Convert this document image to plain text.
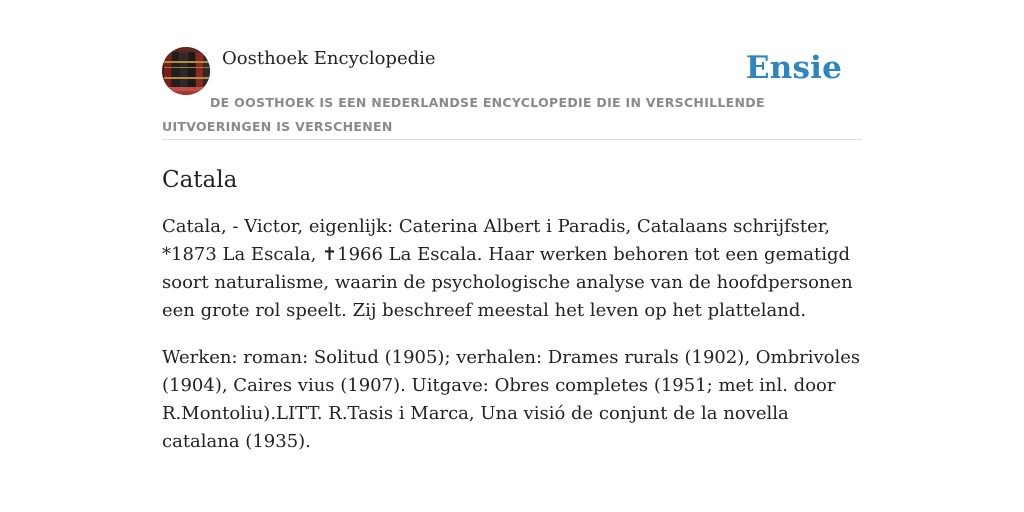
Oosthoek Encyclopedie	Ensie
DE OOSTHOEK IS EEN NEDERLANDSE ENCYCLOPEDIE DIE IN VERSCHILLENDE UITVOERINGEN IS VERSCHENEN
Catala

Catala, - Victor, eigenlijk: Caterina Albert i Paradis, Catalaans schrijfster, *1873 La Escala, ✝1966 La Escala. Haar werken behoren tot een gematigd soort naturalisme, waarin de psychologische analyse van de hoofdpersonen een grote rol speelt. Zij beschreef meestal het leven op het platteland.

Werken: roman: Solitud (1905); verhalen: Drames rurals (1902), Ombrivoles (1904), Caires vius (1907). Uitgave: Obres completes (1951; met inl. door R.Montoliu).LITT. R.Tasis i Marca, Una visió de conjunt de la novella catalana (1935).
